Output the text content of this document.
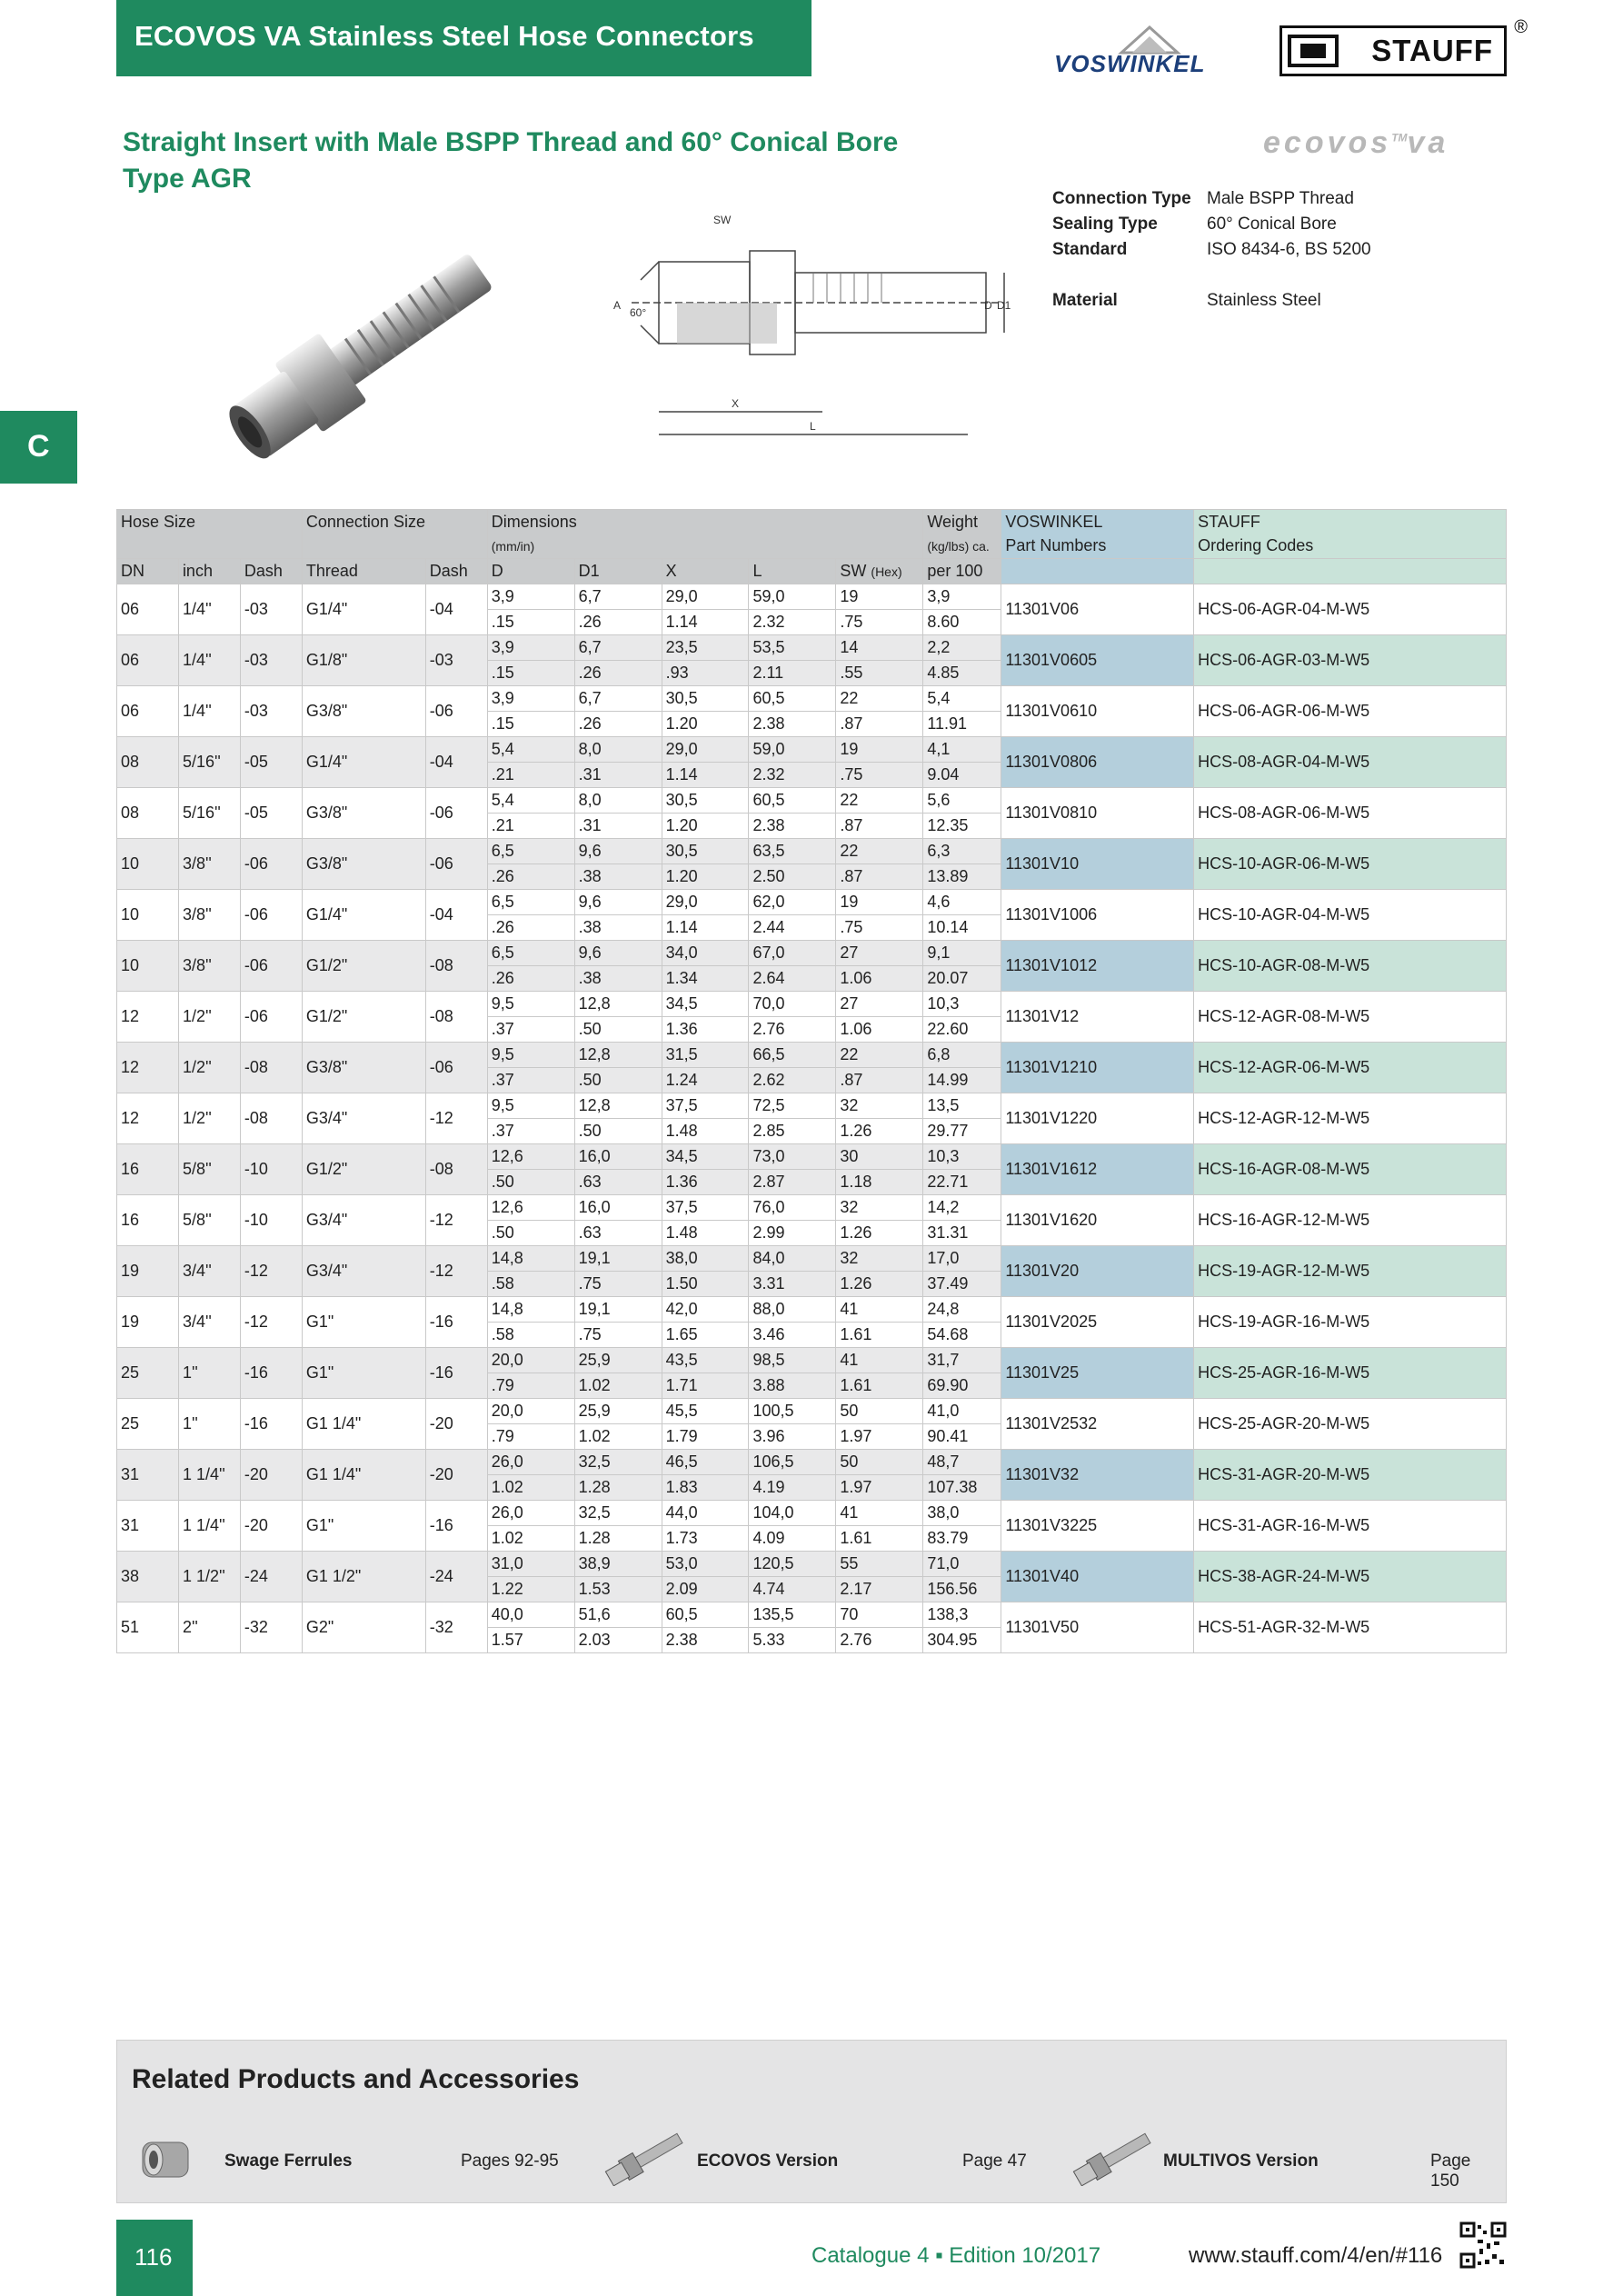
ECOVOS VA Stainless Steel Hose Connectors
VOSWINKEL	STAUFF
®
Straight Insert with Male BSPP Thread and 60° Conical Bore
Type AGR
ecovos™va
Connection Type Male BSPP Thread
Sealing Type	60° Conical Bore
Standard	ISO 8434-6, BS 5200

Material	Stainless Steel
C
SW
A
60°
D D1
X
L
Hose Size			Connection Size		Dimensions
(mm/in)					Weight
(kg/lbs) ca.	VOSWINKEL
Part Numbers	STAUFF
Ordering Codes
DN	inch	Dash	Thread	Dash	D	D1	X	L	SW (Hex)	per 100		
06	1/4''	-03	G1/4"	-04	3,9	6,7	29,0	59,0	19	3,9	11301V06	HCS-06-AGR-04-M-W5
					.15	.26	1.14	2.32	.75	8.60		
06	1/4''	-03	G1/8"	-03	3,9	6,7	23,5	53,5	14	2,2	11301V0605	HCS-06-AGR-03-M-W5
					.15	.26	.93	2.11	.55	4.85		
06	1/4''	-03	G3/8"	-06	3,9	6,7	30,5	60,5	22	5,4	11301V0610	HCS-06-AGR-06-M-W5
					.15	.26	1.20	2.38	.87	11.91		
08	5/16''	-05	G1/4"	-04	5,4	8,0	29,0	59,0	19	4,1	11301V0806	HCS-08-AGR-04-M-W5
					.21	.31	1.14	2.32	.75	9.04		
08	5/16''	-05	G3/8"	-06	5,4	8,0	30,5	60,5	22	5,6	11301V0810	HCS-08-AGR-06-M-W5
					.21	.31	1.20	2.38	.87	12.35		
10	3/8''	-06	G3/8"	-06	6,5	9,6	30,5	63,5	22	6,3	11301V10	HCS-10-AGR-06-M-W5
					.26	.38	1.20	2.50	.87	13.89		
10	3/8''	-06	G1/4"	-04	6,5	9,6	29,0	62,0	19	4,6	11301V1006	HCS-10-AGR-04-M-W5
					.26	.38	1.14	2.44	.75	10.14		
10	3/8''	-06	G1/2"	-08	6,5	9,6	34,0	67,0	27	9,1	11301V1012	HCS-10-AGR-08-M-W5
					.26	.38	1.34	2.64	1.06	20.07		
12	1/2''	-06	G1/2"	-08	9,5	12,8	34,5	70,0	27	10,3	11301V12	HCS-12-AGR-08-M-W5
					.37	.50	1.36	2.76	1.06	22.60		
12	1/2''	-08	G3/8"	-06	9,5	12,8	31,5	66,5	22	6,8	11301V1210	HCS-12-AGR-06-M-W5
					.37	.50	1.24	2.62	.87	14.99		
12	1/2''	-08	G3/4"	-12	9,5	12,8	37,5	72,5	32	13,5	11301V1220	HCS-12-AGR-12-M-W5
					.37	.50	1.48	2.85	1.26	29.77		
16	5/8''	-10	G1/2"	-08	12,6	16,0	34,5	73,0	30	10,3	11301V1612	HCS-16-AGR-08-M-W5
					.50	.63	1.36	2.87	1.18	22.71		
16	5/8''	-10	G3/4"	-12	12,6	16,0	37,5	76,0	32	14,2	11301V1620	HCS-16-AGR-12-M-W5
					.50	.63	1.48	2.99	1.26	31.31		
19	3/4''	-12	G3/4"	-12	14,8	19,1	38,0	84,0	32	17,0	11301V20	HCS-19-AGR-12-M-W5
					.58	.75	1.50	3.31	1.26	37.49		
19	3/4''	-12	G1"	-16	14,8	19,1	42,0	88,0	41	24,8	11301V2025	HCS-19-AGR-16-M-W5
					.58	.75	1.65	3.46	1.61	54.68		
25	1''	-16	G1"	-16	20,0	25,9	43,5	98,5	41	31,7	11301V25	HCS-25-AGR-16-M-W5
					.79	1.02	1.71	3.88	1.61	69.90		
25	1''	-16	G1 1/4"	-20	20,0	25,9	45,5	100,5	50	41,0	11301V2532	HCS-25-AGR-20-M-W5
					.79	1.02	1.79	3.96	1.97	90.41		
31	1 1/4''	-20	G1 1/4"	-20	26,0	32,5	46,5	106,5	50	48,7	11301V32	HCS-31-AGR-20-M-W5
					1.02	1.28	1.83	4.19	1.97	107.38		
31	1 1/4''	-20	G1"	-16	26,0	32,5	44,0	104,0	41	38,0	11301V3225	HCS-31-AGR-16-M-W5
					1.02	1.28	1.73	4.09	1.61	83.79		
38	1 1/2''	-24	G1 1/2"	-24	31,0	38,9	53,0	120,5	55	71,0	11301V40	HCS-38-AGR-24-M-W5
					1.22	1.53	2.09	4.74	2.17	156.56		
51	2''	-32	G2"	-32	40,0	51,6	60,5	135,5	70	138,3	11301V50	HCS-51-AGR-32-M-W5
					1.57	2.03	2.38	5.33	2.76	304.95		
Related Products and Accessories
Swage Ferrules	Pages 92-95	ECOVOS Version	Page 47	MULTIVOS Version	Page 150
116	Catalogue 4 ▪ Edition 10/2017	www.stauff.com/4/en/#116
